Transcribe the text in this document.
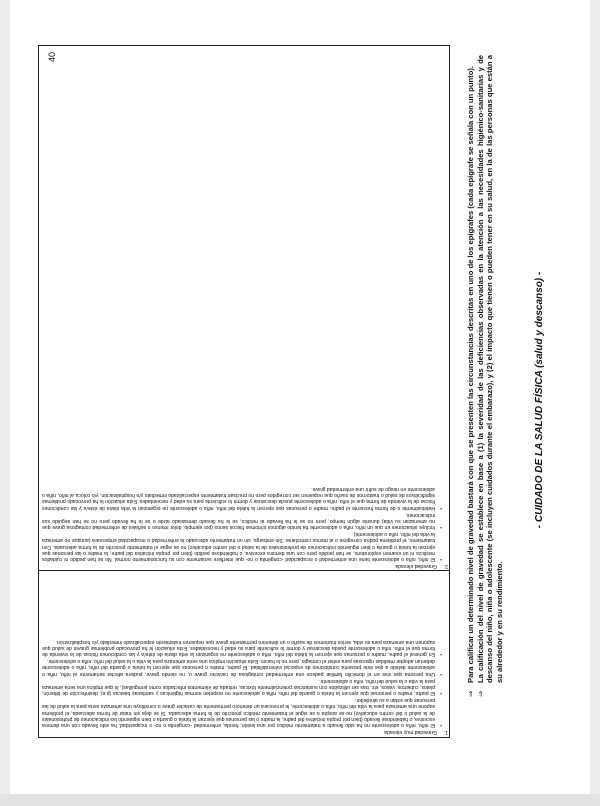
40
- CUIDADO DE LA SALUD FÍSICA (salud y descanso) -

⇒
Para calificar un determinado nivel de gravedad bastará con que se presenten las circunstancias descritas en uno de los epígrafes (cada epígrafe se señala con un punto).

⇒
La calificación del nivel de gravedad se establece en base a (1) la severidad de las deficiencias observadas en la atención a las necesidades higiénico-sanitarias y de descanso del niño, niña o adolescente (se incluyen cuidados durante el embarazo), y (2) el impacto que tienen o pueden tener en su salud, en la de las personas que están a su alrededor y en su rendimiento.

1.Gravedad muy elevada
• El niño, niña o adolescente no ha sido llevado a tratamiento médico por una lesión, herida, enfermedad -congénita o no- o incapacidad, ha sido llevado con una demora excesiva, o habiéndose llevado (bien por propia iniciativa del padre, la madre o las personas que ejerzan la tutela o guarda o bien siguiendo las indicaciones de profesionales de la salud o del centro educativo) no se acepta o se sigue el tratamiento médico prescrito de la forma adecuada. Si se deja sin tratar de forma adecuada, el problema supone una amenaza para la vida del niño, niña o adolescente, le provocará un deterioro permanente de carácter grave o constituye una amenaza seria para la salud de las personas que están a su alrededor.
• El padre, madre o personas que ejercen la tutela o guarda del niño, niña o adolescente no respetan normas higiénicas y sanitarias básicas (p.ej. desinfección de biberón, platos, cubiertos, vasos, etc. tras ser utilizados con sustancias potencialmente tóxicas, retirada de elementos infectados como jeringuillas), lo que implica una seria amenaza para la vida o la salud del niño, niña o adolescente.
• Una persona que vive en el domicilio familiar padece una enfermedad contagiosa de carácter grave o, no siendo grave, pudiera afectar seriamente al niño, niña o adolescente debido a que éste presenta condiciones de especial vulnerabilidad. El padre, madre o personas que ejercen la tutela o guarda del niño, niña o adolescente deberían adoptar medidas rigurosas para evitar el contagio, pero no lo hacen. Esta situación implica una seria amenaza para la vida o la salud del niño, niña o adolescente.
• En general el padre, madre o personas que ejercen la tutela del niño, niña o adolescente no organizan la vida diaria de éste/a y las condiciones físicas de la vivienda de forma que el niño, niña o adolescente pueda descansar y dormir lo suficiente para su edad y necesidades. Esta situación le ha provocado problemas graves de salud que suponen una amenaza para su vida, serios trastornos de sueño o un deterioro permanente grave que requieren tratamiento especializado inmediato y/o hospitalización.
2.Gravedad elevada
• El niño, niña o adolescente tiene una enfermedad o incapacidad -congénita o no- que interfiere seriamente con su funcionamiento normal. No se han pedido ni cuidados médicos ni un examen exploratorio, se han pedido pero con una demora excesiva, o habiéndose pedido (bien por propia iniciativa del padre, la madre o las personas que ejerzan la tutela o guarda o bien siguiendo indicaciones de profesionales de la salud o del centro educativo) no se sigue el tratamiento prescrito de la forma adecuada. Con tratamiento, el problema podría corregirse o al menos controlarse. Sin embargo, sin un tratamiento adecuado la enfermedad o incapacidad empeorará (aunque no amenaza la vida del niño, niña o adolescente).
• Incluye situaciones en que un niño, niña o adolescente ha tenido algunos síntomas físicos serios (por ejemplo, dolor intenso o señales de enfermedad contagiosa grave que no amenazan su vida) durante algún tiempo, pero no se le ha llevado al médico, se le ha llevado demasiado tarde o se le ha llevado pero no se han seguido sus indicaciones.
• Habitualmente o de forma frecuente el padre, madre o personas que ejercen la tutela del niño, niña o adolescente no organizan la vida diaria de éste/a y las condiciones físicas de la vivienda de forma que el niño, niña o adolescente pueda descansar y dormir lo suficiente para su edad y necesidades. Esta situación le ha provocado problemas significativos de salud o trastornos de sueño que requieren ser corregidos pero no precisan tratamiento especializado inmediato y/o hospitalización, y/o coloca al niño, niña o adolescente en riesgo de sufrir una enfermedad grave.
